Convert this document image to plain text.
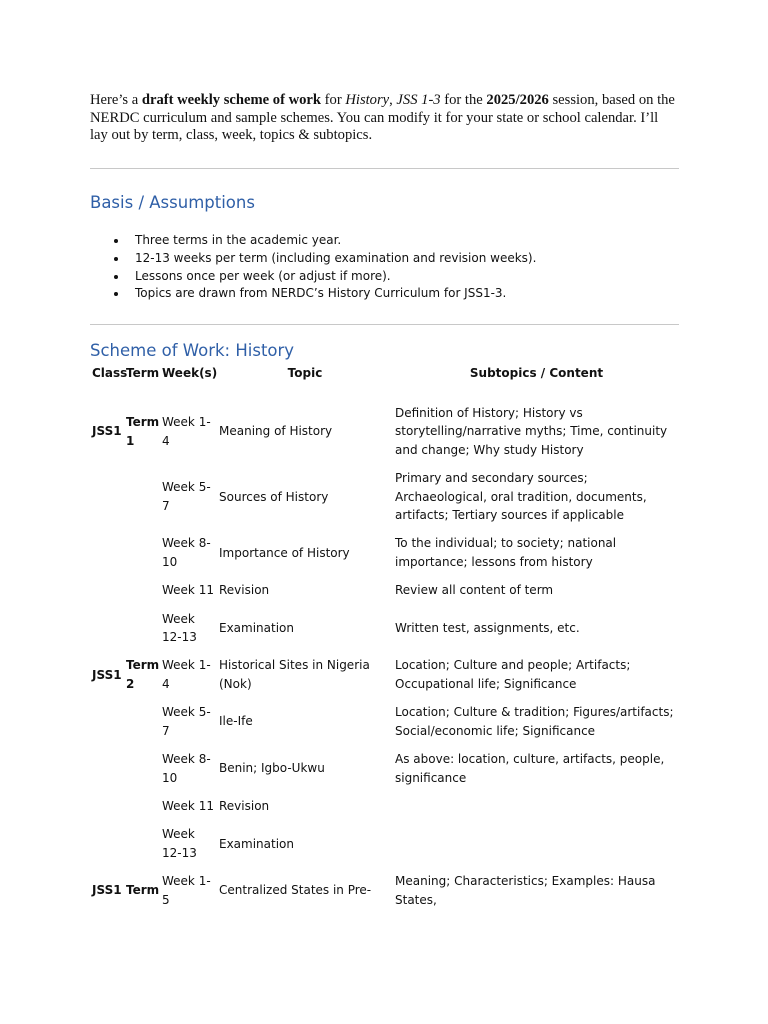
Here’s a draft weekly scheme of work for History, JSS 1-3 for the 2025/2026 session, based on the NERDC curriculum and sample schemes. You can modify it for your state or school calendar. I’ll lay out by term, class, week, topics & subtopics.
Basis / Assumptions
Three terms in the academic year.
12-13 weeks per term (including examination and revision weeks).
Lessons once per week (or adjust if more).
Topics are drawn from NERDC’s History Curriculum for JSS1-3.
Scheme of Work: History
Class	Term	Week(s)	Topic	Subtopics / Content
JSS1	Term 1	Week 1-4	Meaning of History	Definition of History; History vs storytelling/narrative myths; Time, continuity and change; Why study History
		Week 5-7	Sources of History	Primary and secondary sources; Archaeological, oral tradition, documents, artifacts; Tertiary sources if applicable
		Week 8-10	Importance of History	To the individual; to society; national importance; lessons from history
		Week 11	Revision	Review all content of term
		Week 12-13	Examination	Written test, assignments, etc.
JSS1	Term 2	Week 1-4	Historical Sites in Nigeria (Nok)	Location; Culture and people; Artifacts; Occupational life; Significance
		Week 5-7	Ile-Ife	Location; Culture & tradition; Figures/artifacts; Social/economic life; Significance
		Week 8-10	Benin; Igbo-Ukwu	As above: location, culture, artifacts, people, significance
		Week 11	Revision	
		Week 12-13	Examination	
JSS1	Term	Week 1-5	Centralized States in Pre-	Meaning; Characteristics; Examples: Hausa States,
